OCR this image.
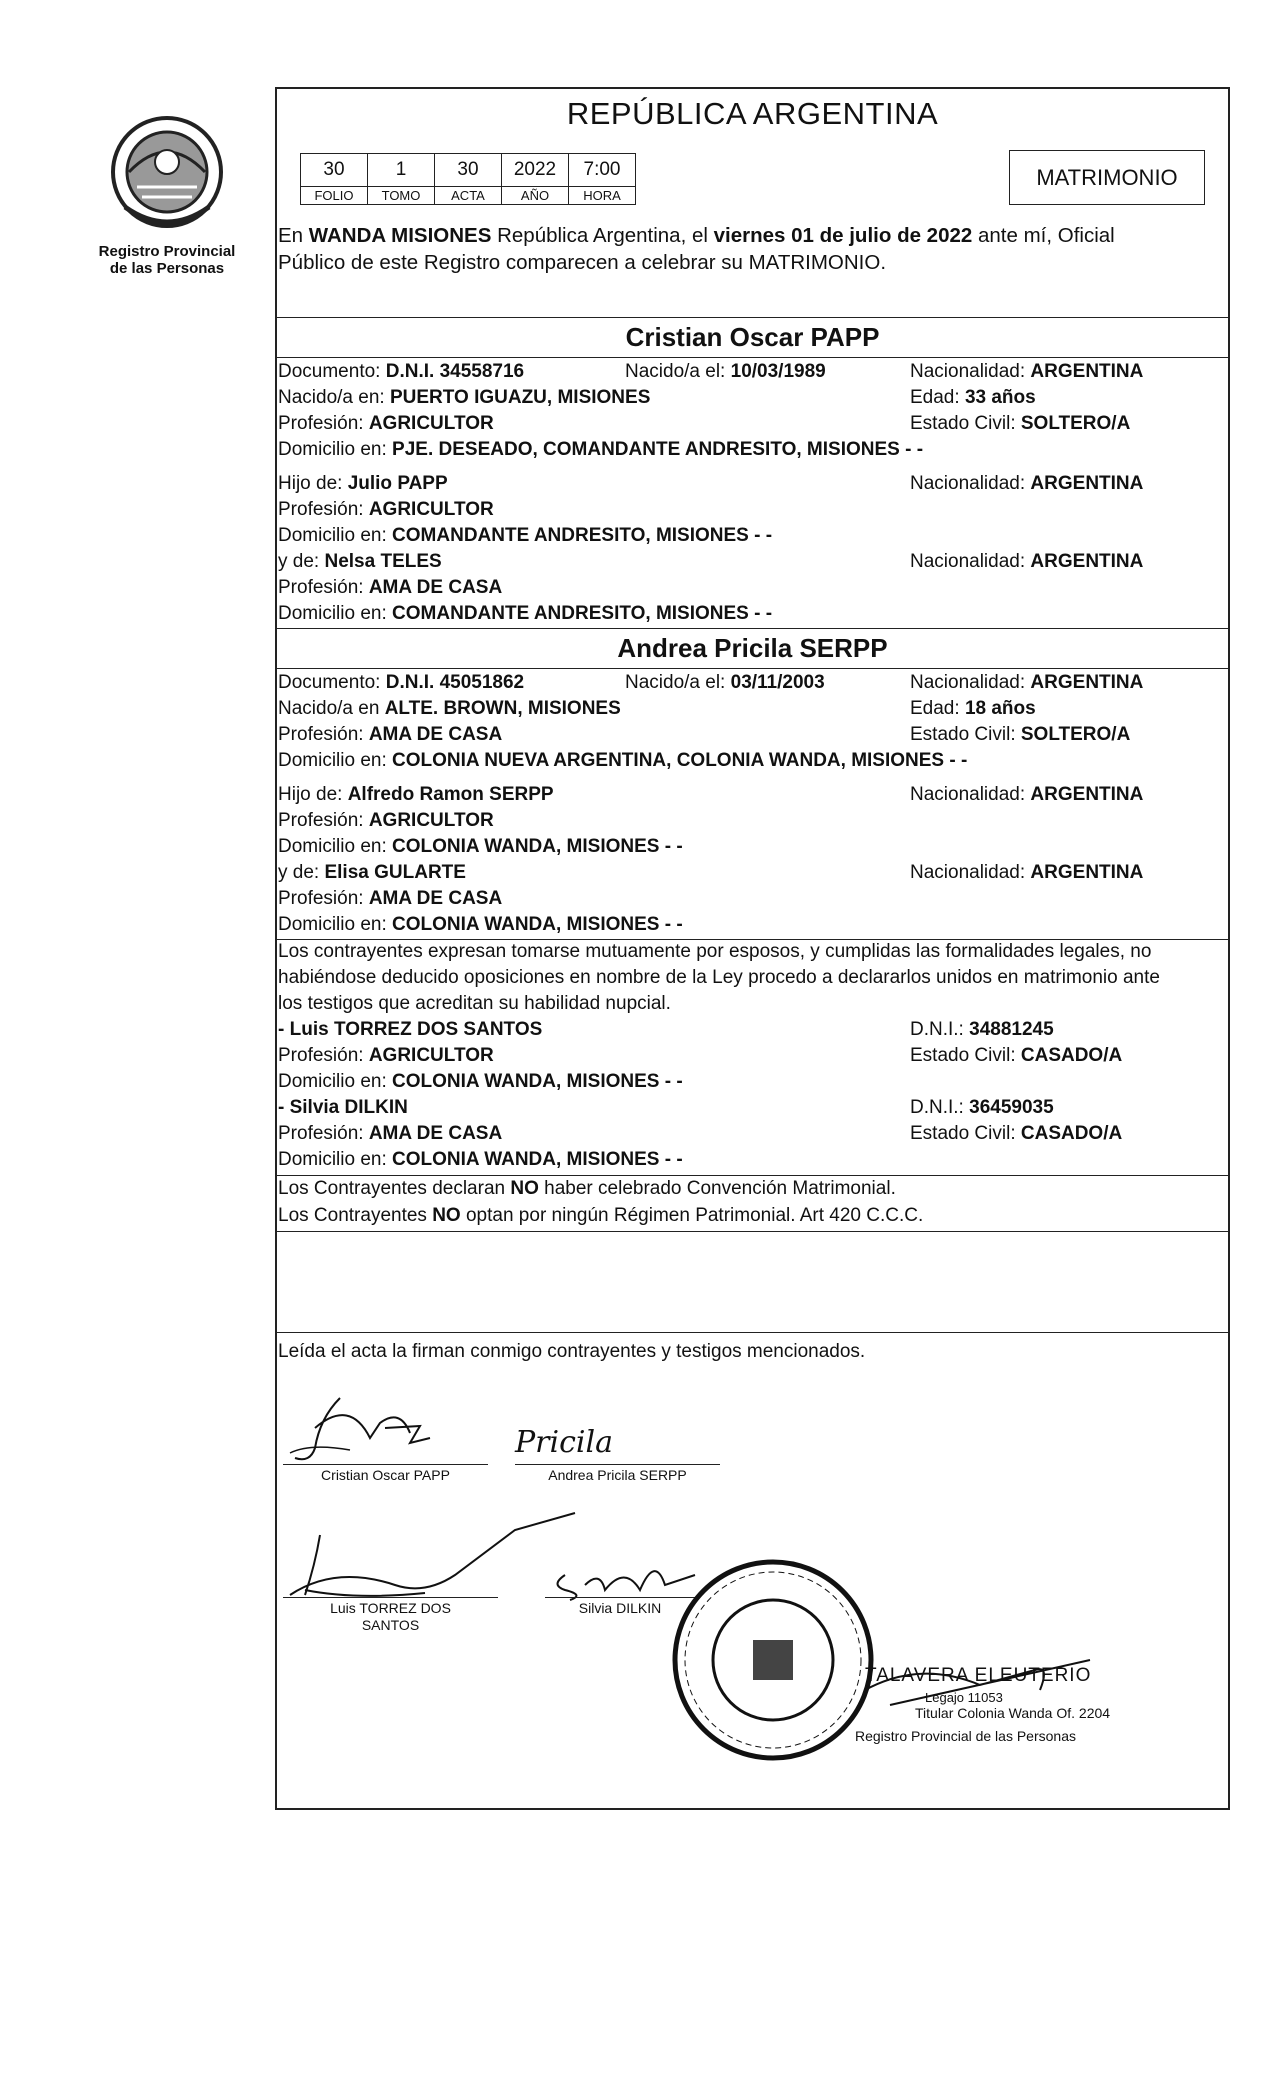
Registro Provincial
de las Personas
REPÚBLICA ARGENTINA
30	1	30	2022	7:00
FOLIO	TOMO	ACTA	AÑO	HORA
MATRIMONIO
En WANDA MISIONES República Argentina, el viernes 01 de julio de 2022 ante mí, Oficial
Público de este Registro comparecen a celebrar su MATRIMONIO.
Cristian Oscar PAPP
Documento: D.N.I. 34558716	Nacido/a el: 10/03/1989	Nacionalidad: ARGENTINA
Nacido/a en: PUERTO IGUAZU, MISIONES	Edad: 33 años
Profesión: AGRICULTOR	Estado Civil: SOLTERO/A
Domicilio en: PJE. DESEADO, COMANDANTE ANDRESITO, MISIONES - -
Hijo de: Julio PAPP	Nacionalidad: ARGENTINA
Profesión: AGRICULTOR
Domicilio en: COMANDANTE ANDRESITO, MISIONES - -
y de: Nelsa TELES	Nacionalidad: ARGENTINA
Profesión: AMA DE CASA
Domicilio en: COMANDANTE ANDRESITO, MISIONES - -
Andrea Pricila SERPP
Documento: D.N.I. 45051862	Nacido/a el: 03/11/2003	Nacionalidad: ARGENTINA
Nacido/a en ALTE. BROWN, MISIONES	Edad: 18 años
Profesión: AMA DE CASA	Estado Civil: SOLTERO/A
Domicilio en: COLONIA NUEVA ARGENTINA, COLONIA WANDA, MISIONES - -
Hijo de: Alfredo Ramon SERPP	Nacionalidad: ARGENTINA
Profesión: AGRICULTOR
Domicilio en: COLONIA WANDA, MISIONES - -
y de: Elisa GULARTE	Nacionalidad: ARGENTINA
Profesión: AMA DE CASA
Domicilio en: COLONIA WANDA, MISIONES - -
Los contrayentes expresan tomarse mutuamente por esposos, y cumplidas las formalidades legales, no
habiéndose deducido oposiciones en nombre de la Ley procedo a declararlos unidos en matrimonio ante
los testigos que acreditan su habilidad nupcial.
- Luis TORREZ DOS SANTOS	D.N.I.: 34881245
Profesión: AGRICULTOR	Estado Civil: CASADO/A
Domicilio en: COLONIA WANDA, MISIONES - -
- Silvia DILKIN	D.N.I.: 36459035
Profesión: AMA DE CASA	Estado Civil: CASADO/A
Domicilio en: COLONIA WANDA, MISIONES - -
Los Contrayentes declaran NO haber celebrado Convención Matrimonial.
Los Contrayentes NO optan por ningún Régimen Patrimonial. Art 420 C.C.C.
Leída el acta la firman conmigo contrayentes y testigos mencionados.
Cristian Oscar PAPP
Pricila
Andrea Pricila SERPP
Luis TORREZ DOS
SANTOS
Silvia DILKIN
TALAVERA ELEUTERIO
Legajo 11053
Titular Colonia Wanda Of. 2204
Registro Provincial de las Personas
